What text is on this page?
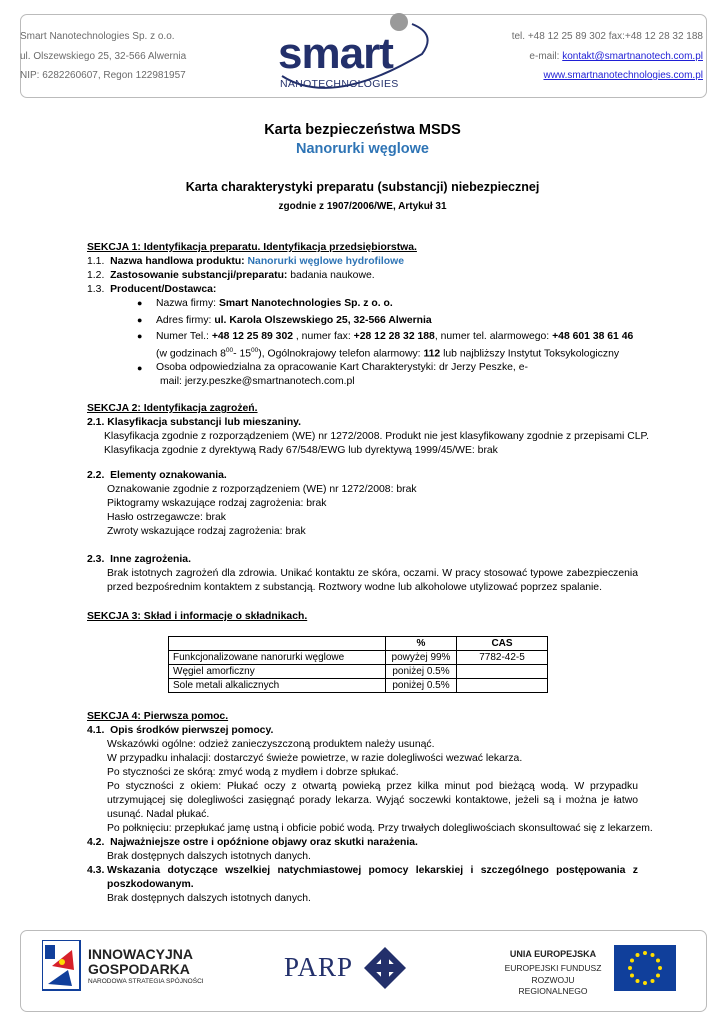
Smart Nanotechnologies Sp. z o.o.
ul. Olszewskiego 25, 32-566 Alwernia
NIP: 6282260607, Regon 122981957
tel. +48 12 25 89 302 fax:+48 12 28 32 188
e-mail: kontakt@smartnanotech.com.pl
www.smartnanotechnologies.com.pl
smart
NANOTECHNOLOGIES
Karta bezpieczeństwa MSDS
Nanorurki węglowe
Karta charakterystyki preparatu (substancji) niebezpiecznej
zgodnie z 1907/2006/WE, Artykuł 31
SEKCJA 1: Identyfikacja preparatu. Identyfikacja przedsiębiorstwa.
1.1. Nazwa handlowa produktu: Nanorurki węglowe hydrofilowe
1.2. Zastosowanie substancji/preparatu: badania naukowe.
1.3. Producent/Dostawca:
● Nazwa firmy: Smart Nanotechnologies Sp. z o. o.
● Adres firmy: ul. Karola Olszewskiego 25, 32-566 Alwernia
● Numer Tel.: +48 12 25 89 302 , numer fax: +28 12 28 32 188, numer tel. alarmowego: +48 601 38 61 46
(w godzinach $8^{00}-$ $15^{00}$), Ogólnokrajowy telefon alarmowy: 112 lub najbliższy Instytut Toksykologiczny
● Osoba odpowiedzialna za opracowanie Kart Charakterystyki: dr Jerzy Peszke, e-
mail: jerzy.peszke@smartnanotech.com.pl
SEKCJA 2: Identyfikacja zagrożeń.
2.1. Klasyfikacja substancji lub mieszaniny.
Klasyfikacja zgodnie z rozporządzeniem (WE) nr 1272/2008. Produkt nie jest klasyfikowany zgodnie z przepisami CLP.
Klasyfikacja zgodnie z dyrektywą Rady 67/548/EWG lub dyrektywą 1999/45/WE: brak
2.2. Elementy oznakowania.
Oznakowanie zgodnie z rozporządzeniem (WE) nr 1272/2008: brak
Piktogramy wskazujące rodzaj zagrożenia: brak
Hasło ostrzegawcze: brak
Zwroty wskazujące rodzaj zagrożenia: brak
2.3. Inne zagrożenia.
Brak istotnych zagrożeń dla zdrowia. Unikać kontaktu ze skóra, oczami. W pracy stosować typowe zabezpieczenia przed bezpośrednim kontaktem z substancją. Roztwory wodne lub alkoholowe utylizować poprzez spalanie.
SEKCJA 3: Skład i informacje o składnikach.
	%	CAS
Funkcjonalizowane nanorurki węglowe	powyżej 99%	7782-42-5
Węgiel amorficzny	poniżej 0.5%	
Sole metali alkalicznych	poniżej 0.5%	
SEKCJA 4: Pierwsza pomoc.
4.1. Opis środków pierwszej pomocy.
Wskazówki ogólne: odzież zanieczyszczoną produktem należy usunąć.
W przypadku inhalacji: dostarczyć świeże powietrze, w razie dolegliwości wezwać lekarza.
Po styczności ze skórą: zmyć wodą z mydłem i dobrze spłukać.
Po styczności z okiem: Płukać oczy z otwartą powieką przez kilka minut pod bieżącą wodą. W przypadku utrzymującej się dolegliwości zasięgnąć porady lekarza. Wyjąć soczewki kontaktowe, jeżeli są i można je łatwo usunąć. Nadal płukać.
Po połknięciu: przepłukać jamę ustną i obficie pobić wodą. Przy trwałych dolegliwościach skonsultować się z lekarzem.
4.2. Najważniejsze ostre i opóźnione objawy oraz skutki narażenia.
Brak dostępnych dalszych istotnych danych.
4.3. Wskazania dotyczące wszelkiej natychmiastowej pomocy lekarskiej i szczególnego postępowania z poszkodowanym.
Brak dostępnych dalszych istotnych danych.
INNOWACYJNA
GOSPODARKA
NARODOWA STRATEGIA SPÓJNOŚCI	PARP	UNIA EUROPEJSKA
EUROPEJSKI FUNDUSZ
ROZWOJU REGIONALNEGO
